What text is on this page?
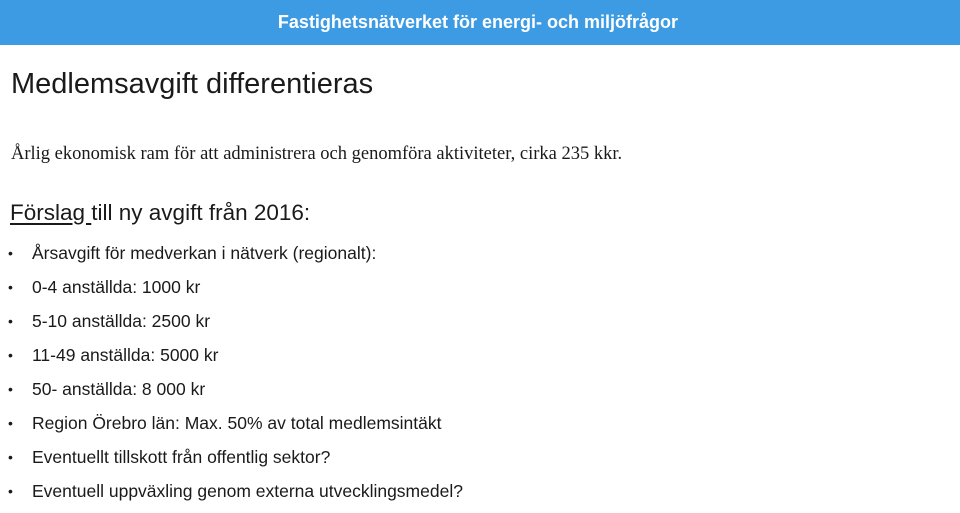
Fastighetsnätverket för energi- och miljöfrågor
Medlemsavgift differentieras
Årlig ekonomisk ram för att administrera och genomföra aktiviteter, cirka 235 kkr.
Förslag till ny avgift från 2016:
• Årsavgift för medverkan i nätverk (regionalt):
• 0-4 anställda: 1000 kr
• 5-10 anställda: 2500 kr
• 11-49 anställda: 5000 kr
• 50- anställda: 8 000 kr
• Region Örebro län: Max. 50% av total medlemsintäkt
• Eventuellt tillskott från offentlig sektor?
• Eventuell uppväxling genom externa utvecklingsmedel?
